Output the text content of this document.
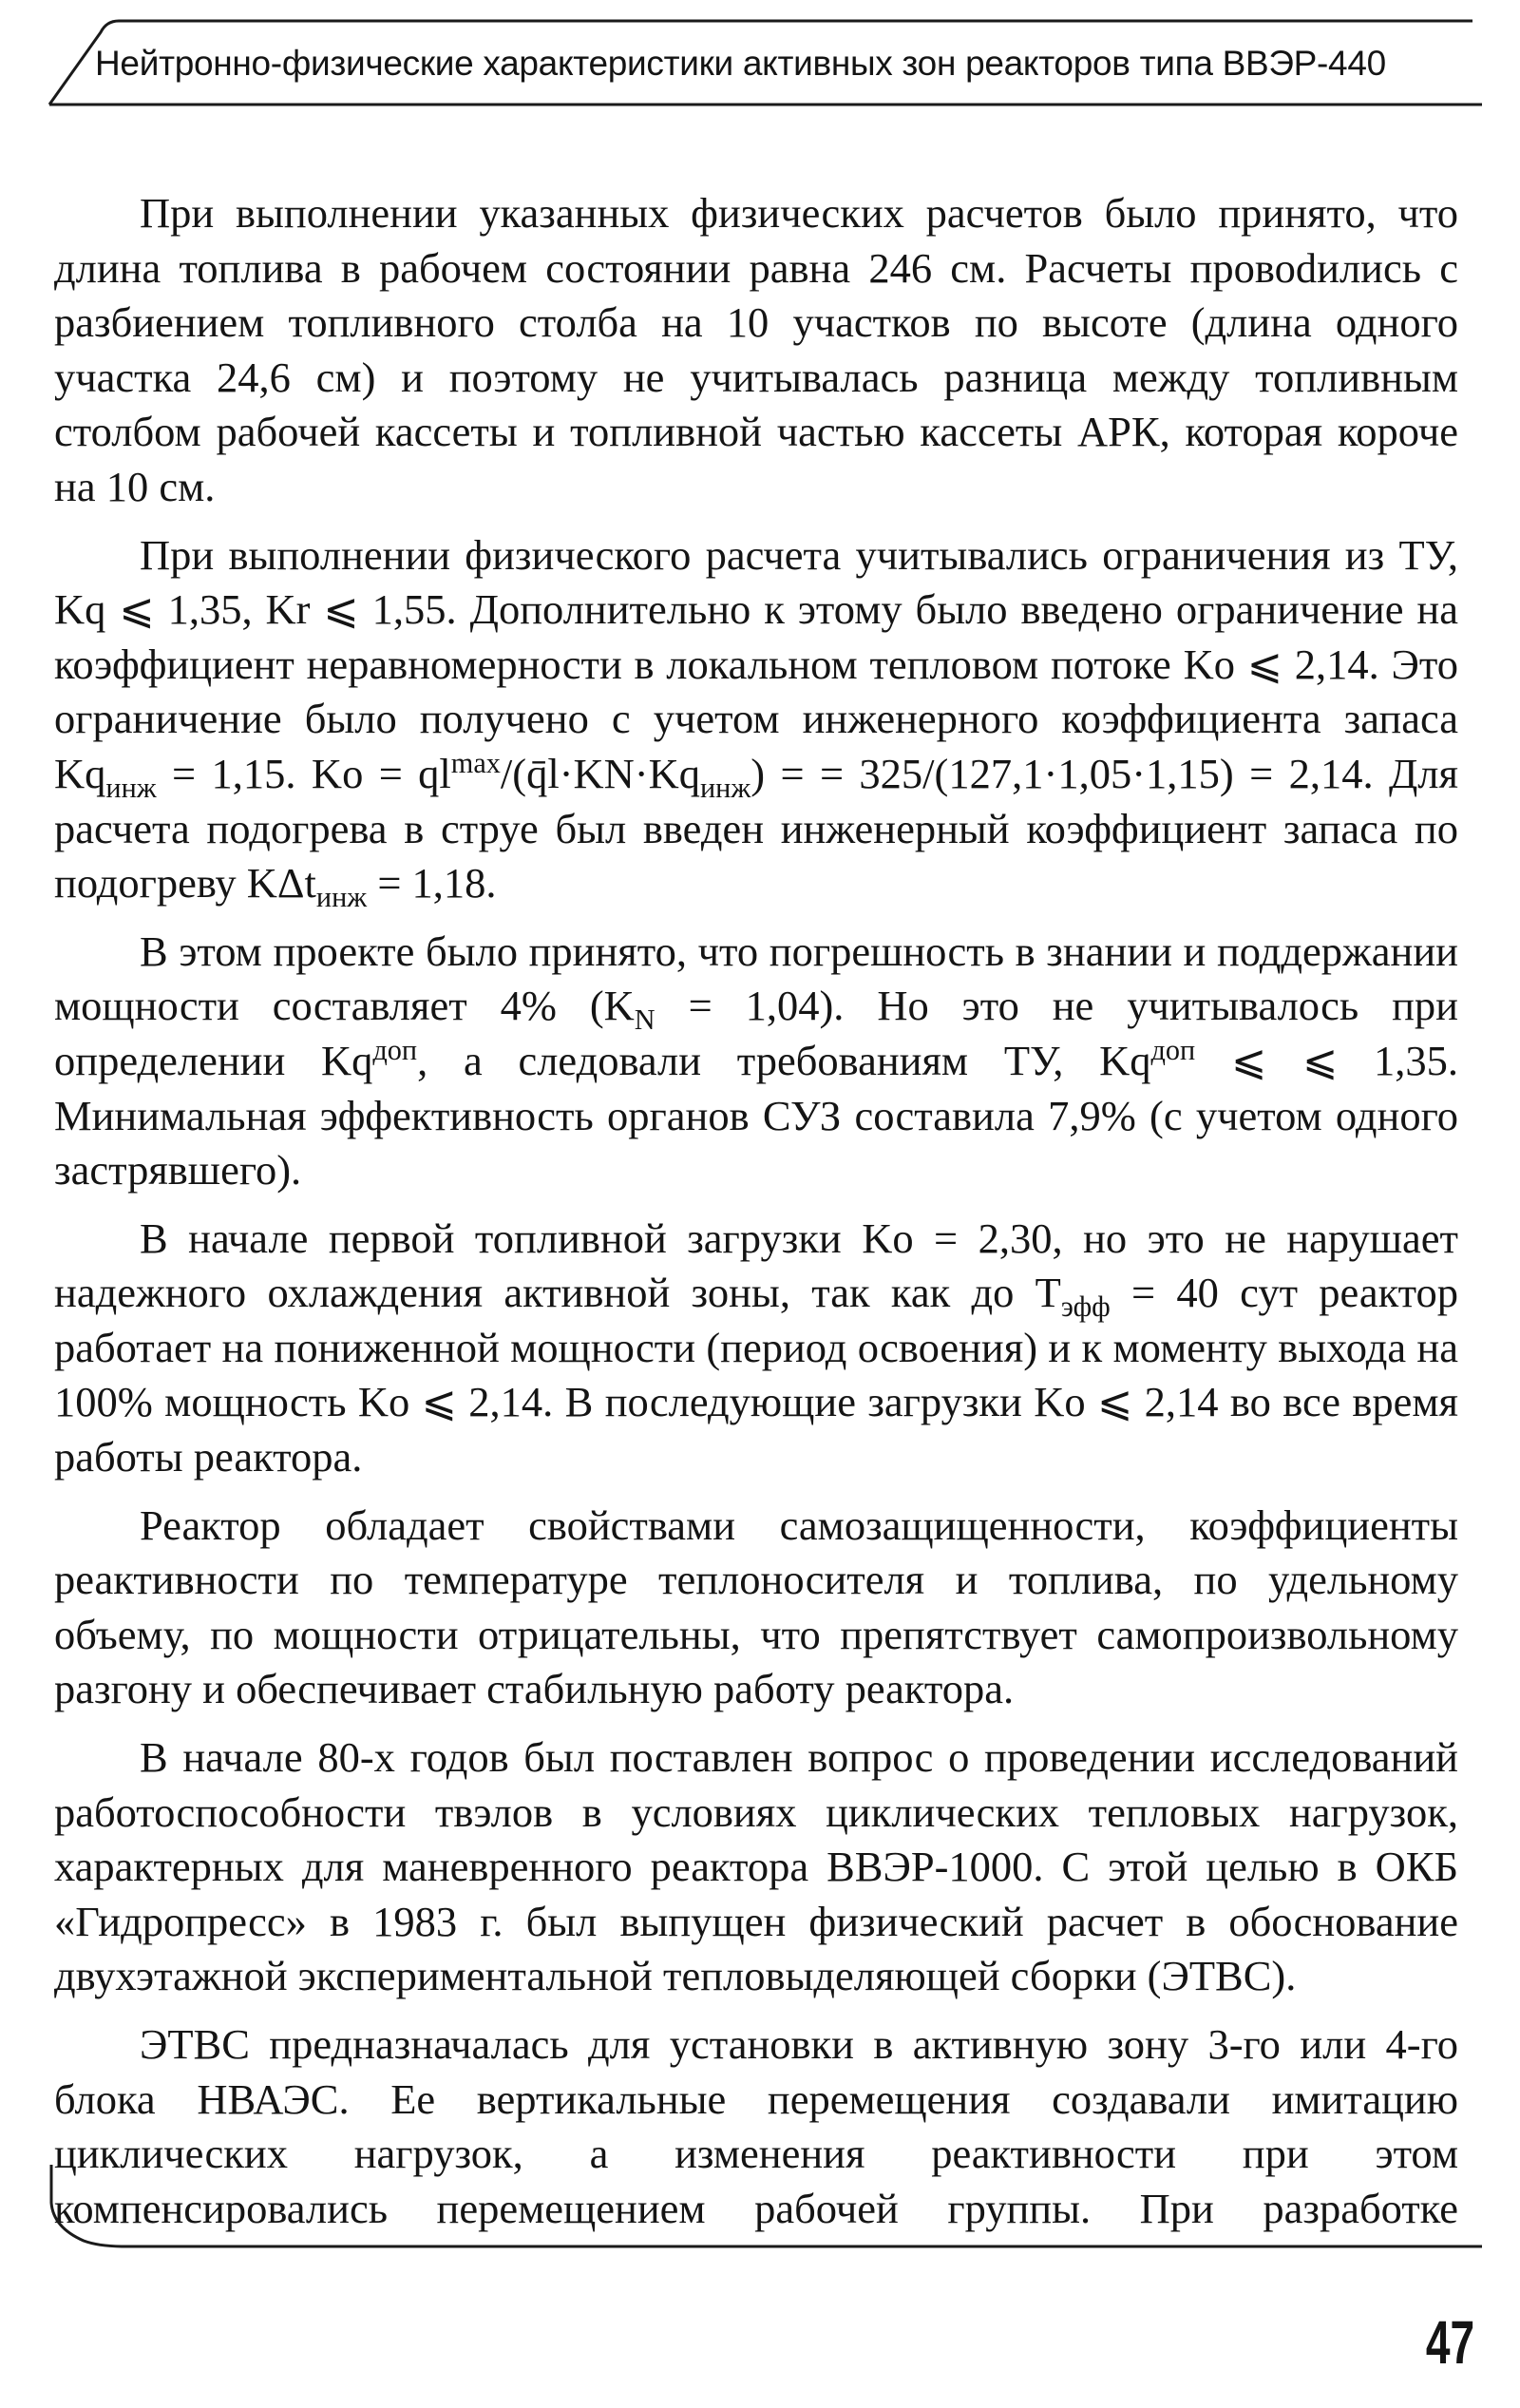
Нейтронно-физические характеристики активных зон реакторов типа ВВЭР-440

При выполнении указанных физических расчетов было принято, что длина топлива в рабочем состоянии равна 246 см. Расчеты провоdились с разбиением топливного столба на 10 участков по высоте (длина одного участка 24,6 см) и поэтому не учитывалась разница между топливным столбом рабочей кассеты и топливной частью кассеты АРК, которая короче на 10 см.

При выполнении физического расчета учитывались ограничения из ТУ, Kq ⩽ 1,35, Kr ⩽ 1,55. Дополнительно к этому было введено ограничение на коэффициент неравномерности в локальном тепловом потоке Ko ⩽ 2,14. Это ограничение было получено с учетом инженерного коэффициента запаса $Kq_{инж} = 1,15$. $Ko = ql^{max}/(q̄l\cdot KN\cdot Kq_{инж})$ = = 325/(127,1·1,05·1,15) = 2,14. Для расчета подогрева в струе был введен инженерный коэффициент запаса по подогреву KΔt$_{инж}$ = 1,18.

В этом проекте было принято, что погрешность в знании и поддержании мощности составляет 4% $(K_N = 1,04)$. Но это не учитывалось при определении $Kq^{доп}$, а следовали требованиям ТУ, $Kq^{доп}$ ⩽ ⩽ 1,35. Минимальная эффективность органов СУЗ составила 7,9% (с учетом одного застрявшего).

В начале первой топливной загрузки Ko = 2,30, но это не нарушает надежного охлаждения активной зоны, так как до $T_{эфф} = 40$ сут реактор работает на пониженной мощности (период освоения) и к моменту выхода на 100% мощность Ko ⩽ 2,14. В последующие загрузки Ko ⩽ 2,14 во все время работы реактора.

Реактор обладает свойствами самозащищенности, коэффициенты реактивности по температуре теплоносителя и топлива, по удельному объему, по мощности отрицательны, что препятствует самопроизвольному разгону и обеспечивает стабильную работу реактора.

В начале 80-х годов был поставлен вопрос о проведении исследований работоспособности твэлов в условиях циклических тепловых нагрузок, характерных для маневренного реактора ВВЭР-1000. С этой целью в ОКБ «Гидропресс» в 1983 г. был выпущен физический расчет в обоснование двухэтажной экспериментальной тепловыделяющей сборки (ЭТВС).

ЭТВС предназначалась для установки в активную зону 3-го или 4-го блока НВАЭС. Ее вертикальные перемещения создавали имитацию циклических нагрузок, а изменения реактивности при этом компенсировались перемещением рабочей группы. При разработке

47
